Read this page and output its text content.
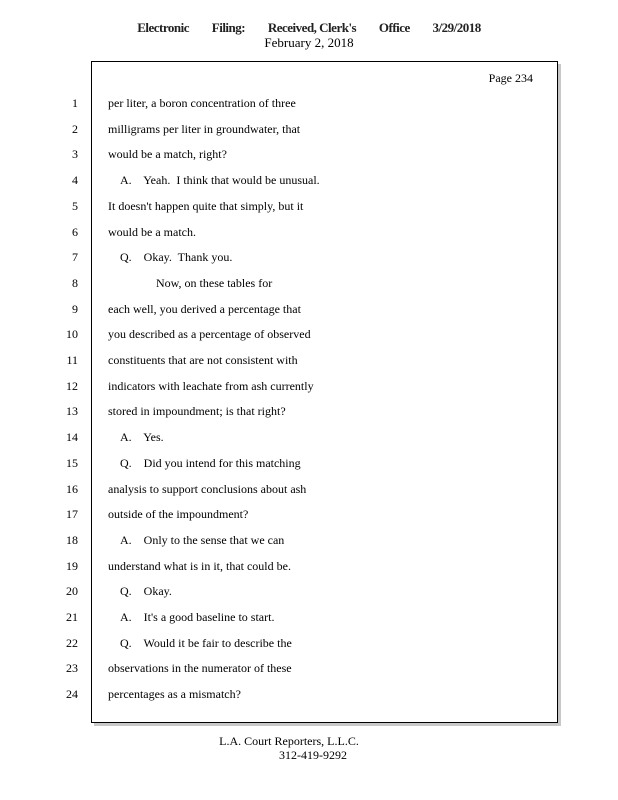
Electronic Filing: Received, Clerk's Office 3/29/2018
February 2, 2018
Page 234
1	per liter, a boron concentration of three
2	milligrams per liter in groundwater, that
3	would be a match, right?
4	A.    Yeah.  I think that would be unusual.
5	It doesn't happen quite that simply, but it
6	would be a match.
7	Q.    Okay.  Thank you.
8	Now, on these tables for
9	each well, you derived a percentage that
10	you described as a percentage of observed
11	constituents that are not consistent with
12	indicators with leachate from ash currently
13	stored in impoundment; is that right?
14	A.    Yes.
15	Q.    Did you intend for this matching
16	analysis to support conclusions about ash
17	outside of the impoundment?
18	A.    Only to the sense that we can
19	understand what is in it, that could be.
20	Q.    Okay.
21	A.    It's a good baseline to start.
22	Q.    Would it be fair to describe the
23	observations in the numerator of these
24	percentages as a mismatch?
L.A. Court Reporters, L.L.C.
312-419-9292
